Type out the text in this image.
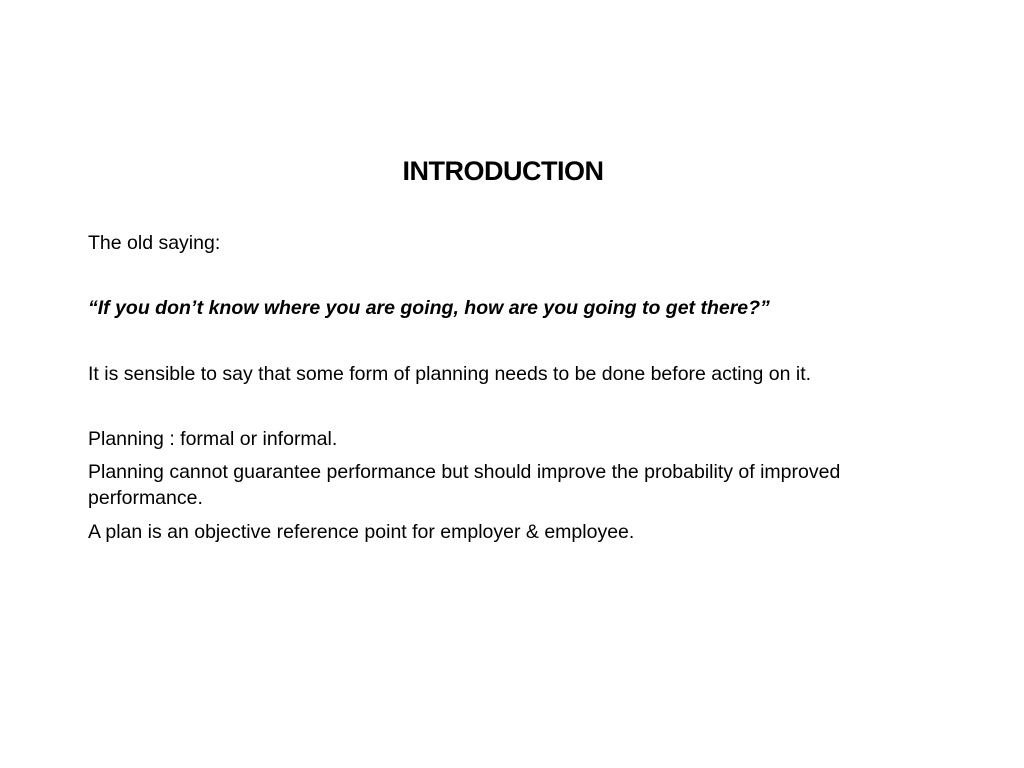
INTRODUCTION

The old saying:

“If you don’t know where you are going, how are you going to get there?”

It is sensible to say that some form of planning needs to be done before acting on it.

Planning : formal or informal.

Planning cannot guarantee performance but should improve the probability of improved performance.

A plan is an objective reference point for employer & employee.
